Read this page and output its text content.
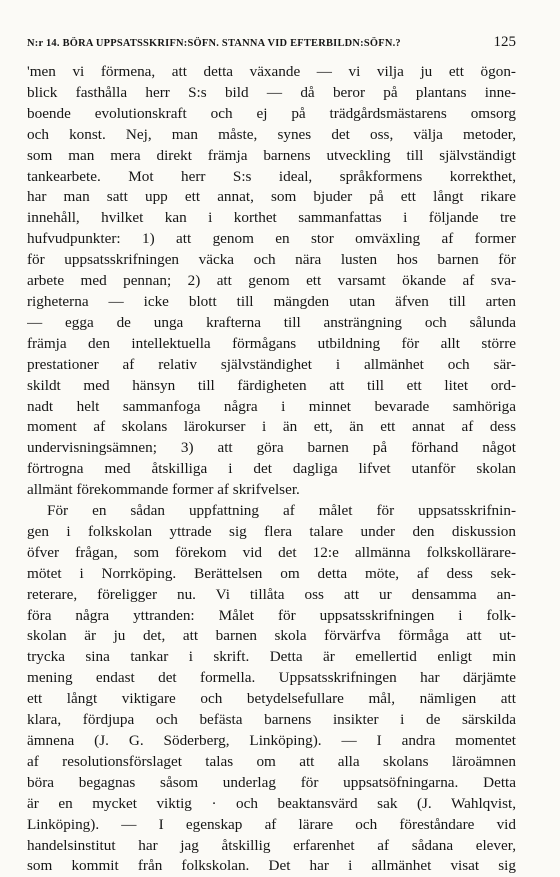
N:r 14. BÖRA UPPSATSSKRIFN:SÖFN. STANNA VID EFTERBILDN:SÖFN.?	125
'men vi förmena, att detta växande — vi vilja ju ett ögon-
blick fasthålla herr S:s bild — då beror på plantans inne-
boende evolutionskraft och ej på trädgårdsmästarens omsorg
och konst. Nej, man måste, synes det oss, välja metoder,
som man mera direkt främja barnens utveckling till självständigt
tankearbete. Mot herr S:s ideal, språkformens korrekthet,
har man satt upp ett annat, som bjuder på ett långt rikare
innehåll, hvilket kan i korthet sammanfattas i följande tre
hufvudpunkter: 1) att genom en stor omväxling af former
för uppsatsskrifningen väcka och nära lusten hos barnen för
arbete med pennan; 2) att genom ett varsamt ökande af sva-
righeterna — icke blott till mängden utan äfven till arten
— egga de unga krafterna till ansträngning och sålunda
främja den intellektuella förmågans utbildning för allt större
prestationer af relativ självständighet i allmänhet och sär-
skildt med hänsyn till färdigheten att till ett litet ord-
nadt helt sammanfoga några i minnet bevarade samhöriga
moment af skolans lärokurser i än ett, än ett annat af dess
undervisningsämnen; 3) att göra barnen på förhand något
förtrogna med åtskilliga i det dagliga lifvet utanför skolan
allmänt förekommande former af skrifvelser.
För en sådan uppfattning af målet för uppsatsskrifnin-
gen i folkskolan yttrade sig flera talare under den diskussion
öfver frågan, som förekom vid det 12:e allmänna folkskollärare-
mötet i Norrköping. Berättelsen om detta möte, af dess sek-
reterare, föreligger nu. Vi tillåta oss att ur densamma an-
föra några yttranden: Målet för uppsatsskrifningen i folk-
skolan är ju det, att barnen skola förvärfva förmåga att ut-
trycka sina tankar i skrift. Detta är emellertid enligt min
mening endast det formella. Uppsatsskrifningen har därjämte
ett långt viktigare och betydelsefullare mål, nämligen att
klara, fördjupa och befästa barnens insikter i de särskilda
ämnena (J. G. Söderberg, Linköping). — I andra momentet
af resolutionsförslaget talas om att alla skolans läroämnen
böra begagnas såsom underlag för uppsatsöfningarna. Detta
är en mycket viktig · och beaktansvärd sak (J. Wahlqvist,
Linköping). — I egenskap af lärare och föreståndare vid
handelsinstitut har jag åtskillig erfarenhet af sådana elever,
som kommit från folkskolan. Det har i allmänhet visat sig
